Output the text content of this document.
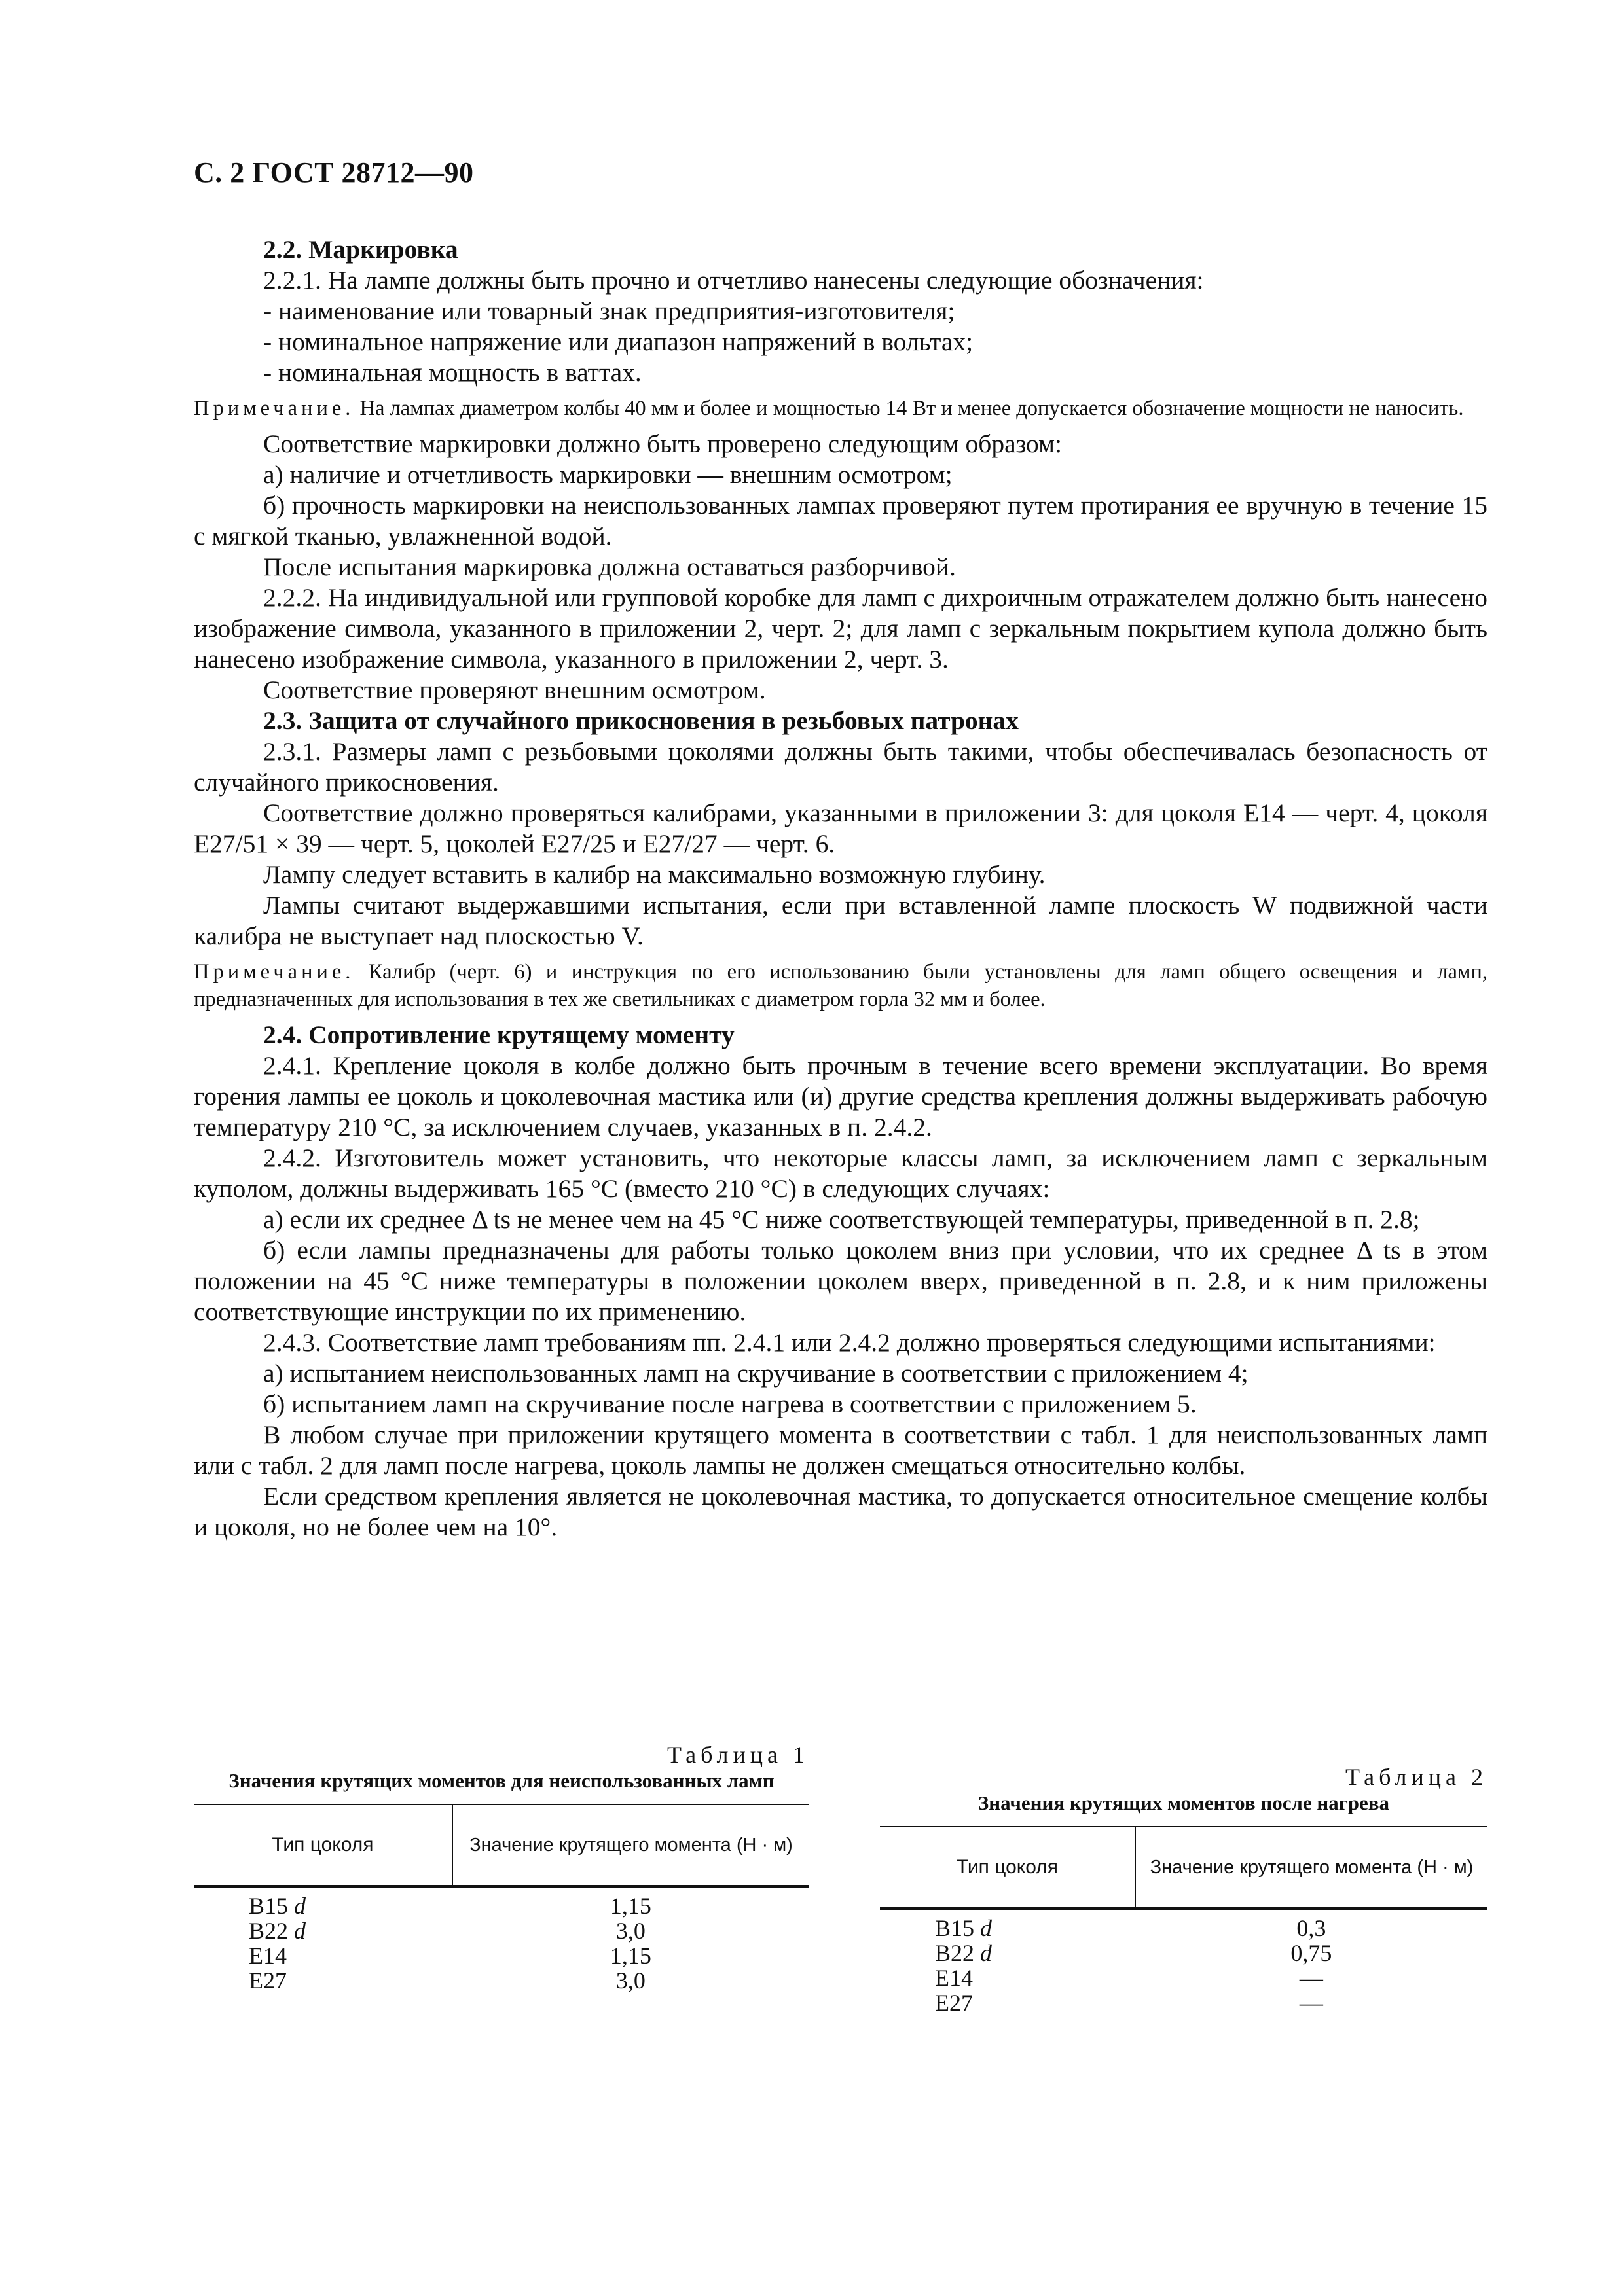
С. 2 ГОСТ 28712—90

2.2. Маркировка

2.2.1. На лампе должны быть прочно и отчетливо нанесены следующие обозначения:

- наименование или товарный знак предприятия-изготовителя;

- номинальное напряжение или диапазон напряжений в вольтах;

- номинальная мощность в ваттах.

Примечание. На лампах диаметром колбы 40 мм и более и мощностью 14 Вт и менее допускается обозначение мощности не наносить.

Соответствие маркировки должно быть проверено следующим образом:

а) наличие и отчетливость маркировки — внешним осмотром;

б) прочность маркировки на неиспользованных лампах проверяют путем протирания ее вручную в течение 15 с мягкой тканью, увлажненной водой.

После испытания маркировка должна оставаться разборчивой.

2.2.2. На индивидуальной или групповой коробке для ламп с дихроичным отражателем должно быть нанесено изображение символа, указанного в приложении 2, черт. 2; для ламп с зеркальным покрытием купола должно быть нанесено изображение символа, указанного в приложении 2, черт. 3.

Соответствие проверяют внешним осмотром.

2.3. Защита от случайного прикосновения в резьбовых патронах

2.3.1. Размеры ламп с резьбовыми цоколями должны быть такими, чтобы обеспечивалась безопасность от случайного прикосновения.

Соответствие должно проверяться калибрами, указанными в приложении 3: для цоколя E14 — черт. 4, цоколя E27/51 × 39 — черт. 5, цоколей E27/25 и E27/27 — черт. 6.

Лампу следует вставить в калибр на максимально возможную глубину.

Лампы считают выдержавшими испытания, если при вставленной лампе плоскость W подвижной части калибра не выступает над плоскостью V.

Примечание. Калибр (черт. 6) и инструкция по его использованию были установлены для ламп общего освещения и ламп, предназначенных для использования в тех же светильниках с диаметром горла 32 мм и более.

2.4. Сопротивление крутящему моменту

2.4.1. Крепление цоколя в колбе должно быть прочным в течение всего времени эксплуатации. Во время горения лампы ее цоколь и цоколевочная мастика или (и) другие средства крепления должны выдерживать рабочую температуру 210 °С, за исключением случаев, указанных в п. 2.4.2.

2.4.2. Изготовитель может установить, что некоторые классы ламп, за исключением ламп с зеркальным куполом, должны выдерживать 165 °С (вместо 210 °С) в следующих случаях:

а) если их среднее Δ ts не менее чем на 45 °С ниже соответствующей температуры, приведенной в п. 2.8;

б) если лампы предназначены для работы только цоколем вниз при условии, что их среднее Δ ts в этом положении на 45 °С ниже температуры в положении цоколем вверх, приведенной в п. 2.8, и к ним приложены соответствующие инструкции по их применению.

2.4.3. Соответствие ламп требованиям пп. 2.4.1 или 2.4.2 должно проверяться следующими испытаниями:

а) испытанием неиспользованных ламп на скручивание в соответствии с приложением 4;

б) испытанием ламп на скручивание после нагрева в соответствии с приложением 5.

В любом случае при приложении крутящего момента в соответствии с табл. 1 для неиспользованных ламп или с табл. 2 для ламп после нагрева, цоколь лампы не должен смещаться относительно колбы.

Если средством крепления является не цоколевочная мастика, то допускается относительное смещение колбы и цоколя, но не более чем на 10°.

Таблица 1
Значения крутящих моментов для неиспользованных ламп
Тип цоколя	Значение крутящего момента (Н · м)
B15 d	1,15
B22 d	3,0
E14	1,15
E27	3,0
Таблица 2
Значения крутящих моментов после нагрева
Тип цоколя	Значение крутящего момента (Н · м)
B15 d	0,3
B22 d	0,75
E14	—
E27	—
